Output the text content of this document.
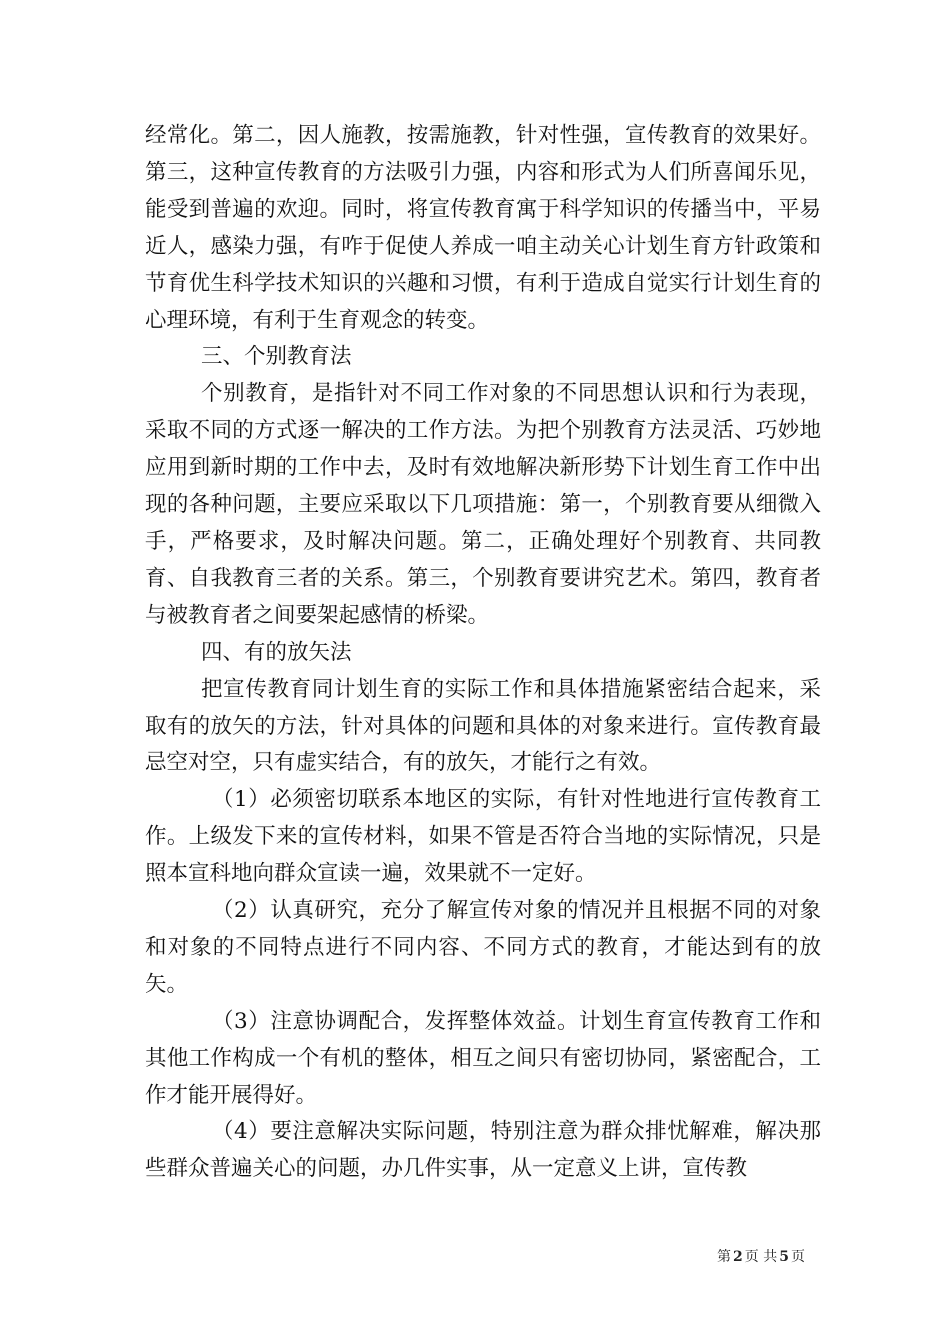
经常化。第二，因人施教，按需施教，针对性强，宣传教育的效果好。第三，这种宣传教育的方法吸引力强，内容和形式为人们所喜闻乐见，能受到普遍的欢迎。同时，将宣传教育寓于科学知识的传播当中，平易近人，感染力强，有咋于促使人养成一咱主动关心计划生育方针政策和节育优生科学技术知识的兴趣和习惯，有利于造成自觉实行计划生育的心理环境，有利于生育观念的转变。

三、个别教育法

个别教育，是指针对不同工作对象的不同思想认识和行为表现，采取不同的方式逐一解决的工作方法。为把个别教育方法灵活、巧妙地应用到新时期的工作中去，及时有效地解决新形势下计划生育工作中出现的各种问题，主要应采取以下几项措施：第一，个别教育要从细微入手，严格要求，及时解决问题。第二，正确处理好个别教育、共同教育、自我教育三者的关系。第三，个别教育要讲究艺术。第四，教育者与被教育者之间要架起感情的桥梁。

四、有的放矢法

把宣传教育同计划生育的实际工作和具体措施紧密结合起来，采取有的放矢的方法，针对具体的问题和具体的对象来进行。宣传教育最忌空对空，只有虚实结合，有的放矢，才能行之有效。

（1）必须密切联系本地区的实际，有针对性地进行宣传教育工作。上级发下来的宣传材料，如果不管是否符合当地的实际情况，只是照本宣科地向群众宣读一遍，效果就不一定好。

（2）认真研究，充分了解宣传对象的情况并且根据不同的对象和对象的不同特点进行不同内容、不同方式的教育，才能达到有的放矢。

（3）注意协调配合，发挥整体效益。计划生育宣传教育工作和其他工作构成一个有机的整体，相互之间只有密切协同，紧密配合，工作才能开展得好。

（4）要注意解决实际问题，特别注意为群众排忧解难，解决那些群众普遍关心的问题，办几件实事，从一定意义上讲，宣传教

第 2 页 共 5 页
